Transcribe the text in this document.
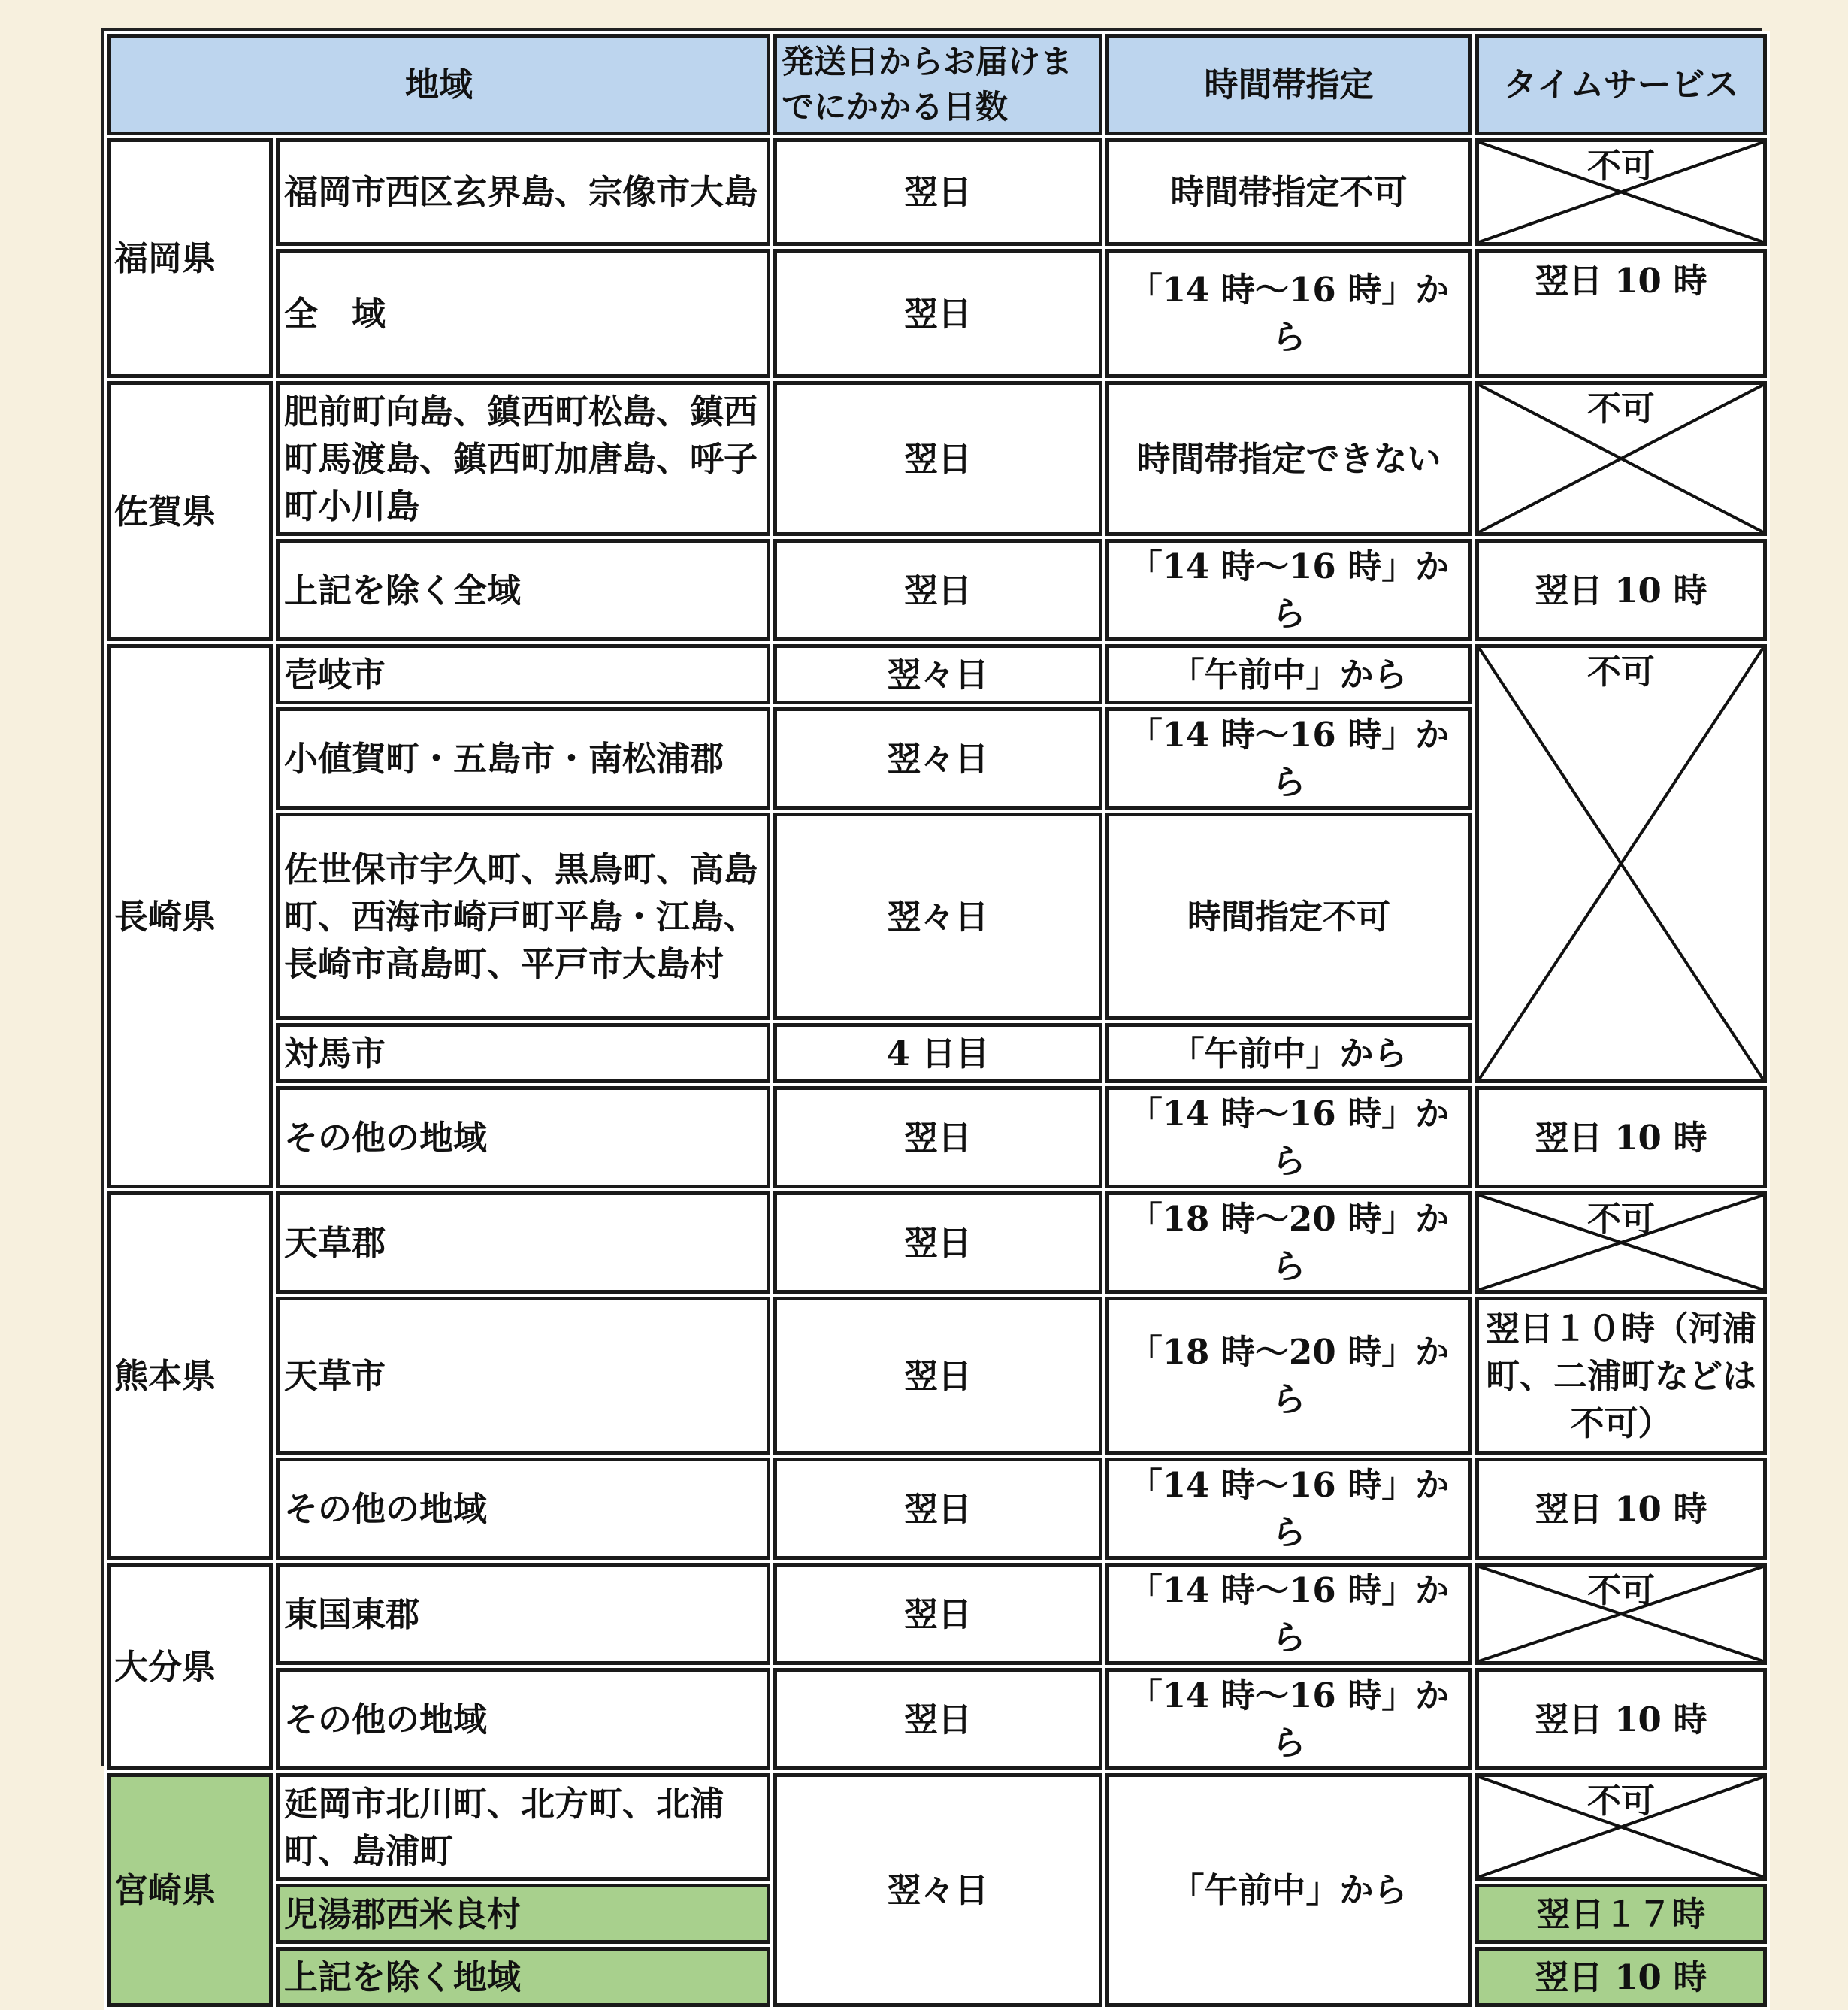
地域		発送日からお届けまでにかかる日数	時間帯指定	タイムサービス
福岡県	福岡市西区玄界島、宗像市大島	翌日	時間帯指定不可	不可
	全　域	翌日	「14 時～16 時」から	翌日 10 時
佐賀県	肥前町向島、鎮西町松島、鎮西町馬渡島、鎮西町加唐島、呼子町小川島	翌日	時間帯指定できない	不可
	上記を除く全域	翌日	「14 時～16 時」から	翌日 10 時
長崎県	壱岐市	翌々日	「午前中」から	不可
	小値賀町・五島市・南松浦郡	翌々日	「14 時～16 時」から	
	佐世保市宇久町、黒鳥町、高島町、西海市崎戸町平島・江島、長崎市高島町、平戸市大島村	翌々日	時間指定不可	
	対馬市	4 日目	「午前中」から	
	その他の地域	翌日	「14 時～16 時」から	翌日 10 時
熊本県	天草郡	翌日	「18 時～20 時」から	不可
	天草市	翌日	「18 時～20 時」から	翌日１０時（河浦町、二浦町などは不可）
	その他の地域	翌日	「14 時～16 時」から	翌日 10 時
大分県	東国東郡	翌日	「14 時～16 時」から	不可
	その他の地域	翌日	「14 時～16 時」から	翌日 10 時
宮崎県	延岡市北川町、北方町、北浦町、島浦町	翌々日	「午前中」から	不可
	児湯郡西米良村			翌日１７時
	上記を除く地域			翌日 10 時
